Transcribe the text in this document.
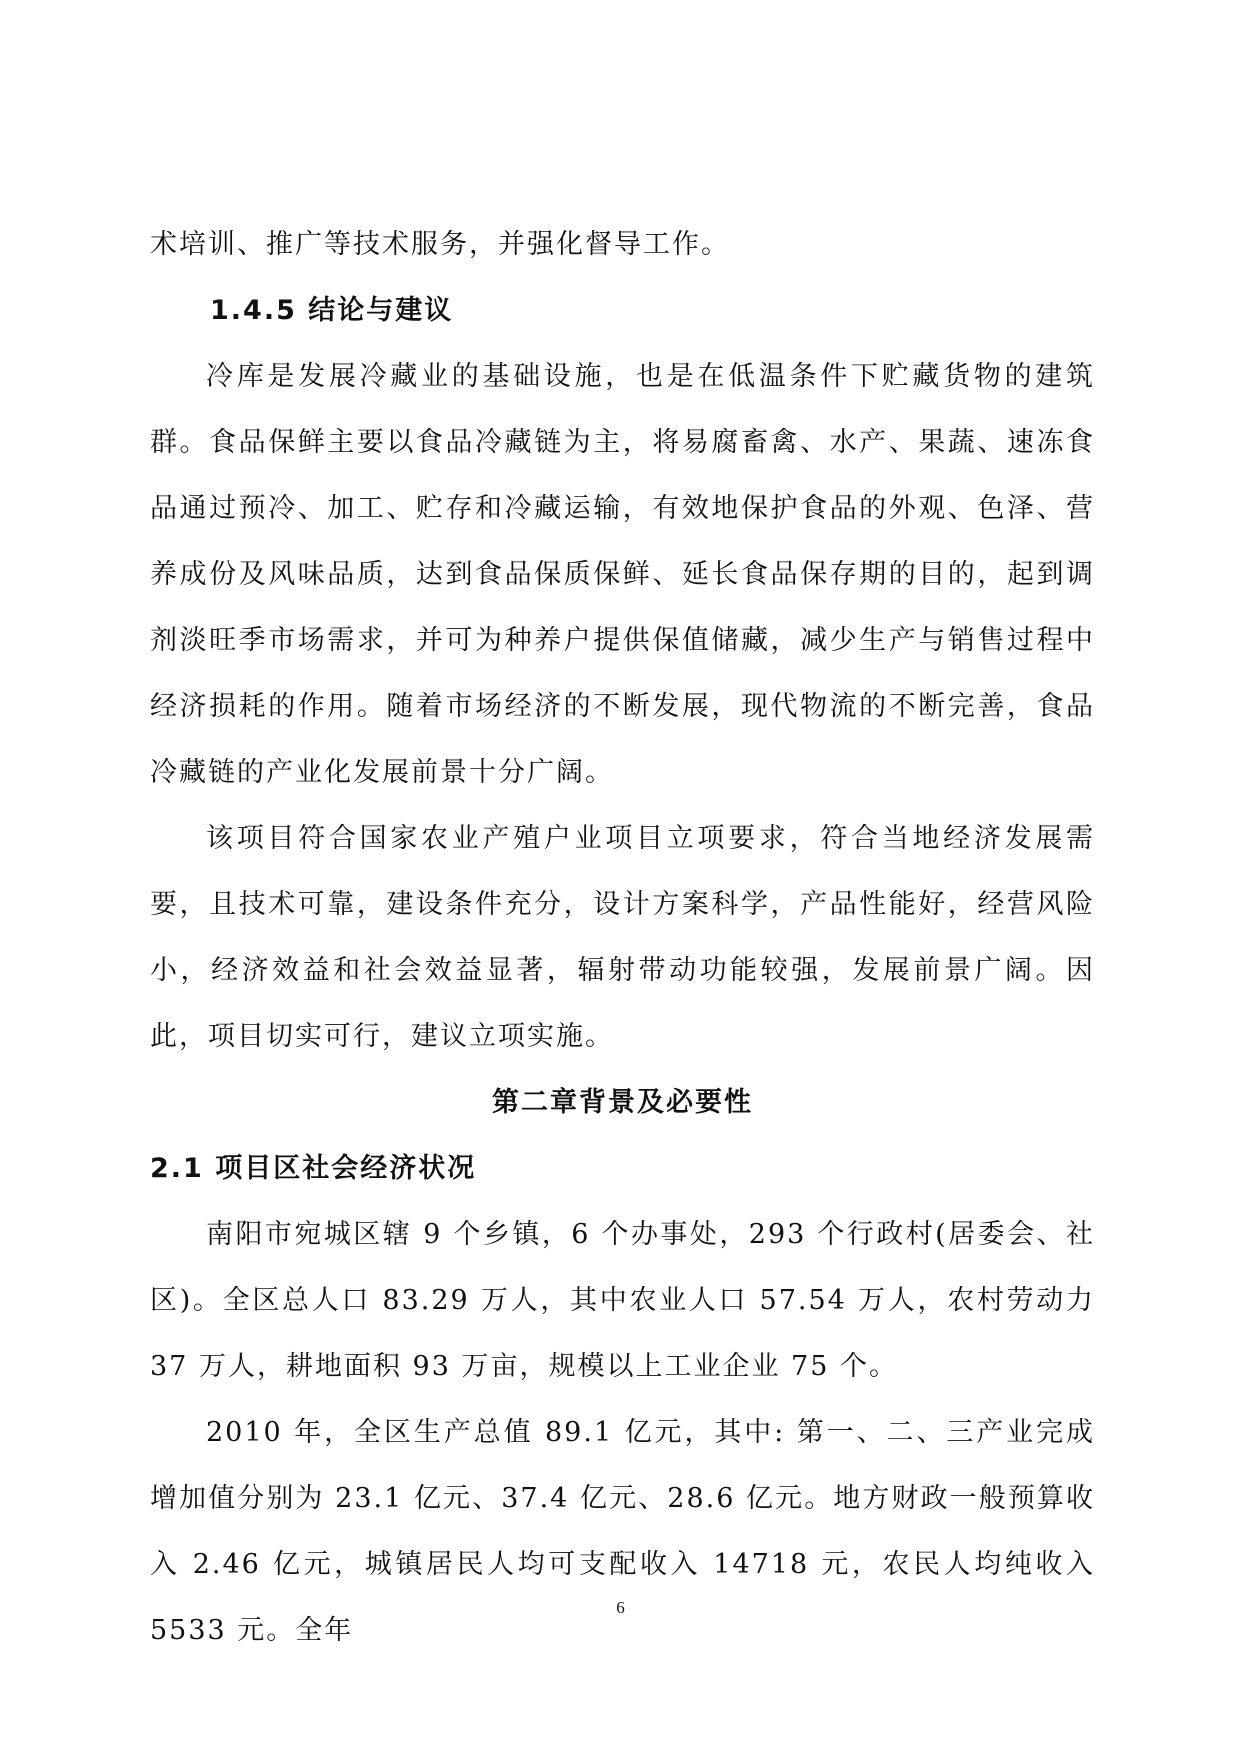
术培训、推广等技术服务，并强化督导工作。

1.4.5 结论与建议

冷库是发展冷藏业的基础设施，也是在低温条件下贮藏货物的建筑群。食品保鲜主要以食品冷藏链为主，将易腐畜禽、水产、果蔬、速冻食品通过预冷、加工、贮存和冷藏运输，有效地保护食品的外观、色泽、营养成份及风味品质，达到食品保质保鲜、延长食品保存期的目的，起到调剂淡旺季市场需求，并可为种养户提供保值储藏，减少生产与销售过程中经济损耗的作用。随着市场经济的不断发展，现代物流的不断完善，食品冷藏链的产业化发展前景十分广阔。

该项目符合国家农业产殖户业项目立项要求，符合当地经济发展需要，且技术可靠，建设条件充分，设计方案科学，产品性能好，经营风险小，经济效益和社会效益显著，辐射带动功能较强，发展前景广阔。因此，项目切实可行，建议立项实施。

第二章背景及必要性

2.1 项目区社会经济状况

南阳市宛城区辖 9 个乡镇，6 个办事处，293 个行政村(居委会、社区)。全区总人口 83.29 万人，其中农业人口 57.54 万人，农村劳动力 37 万人，耕地面积 93 万亩，规模以上工业企业 75 个。

2010 年，全区生产总值 89.1 亿元，其中: 第一、二、三产业完成增加值分别为 23.1 亿元、37.4 亿元、28.6 亿元。地方财政一般预算收入 2.46 亿元，城镇居民人均可支配收入 14718 元，农民人均纯收入 5533 元。全年

6
